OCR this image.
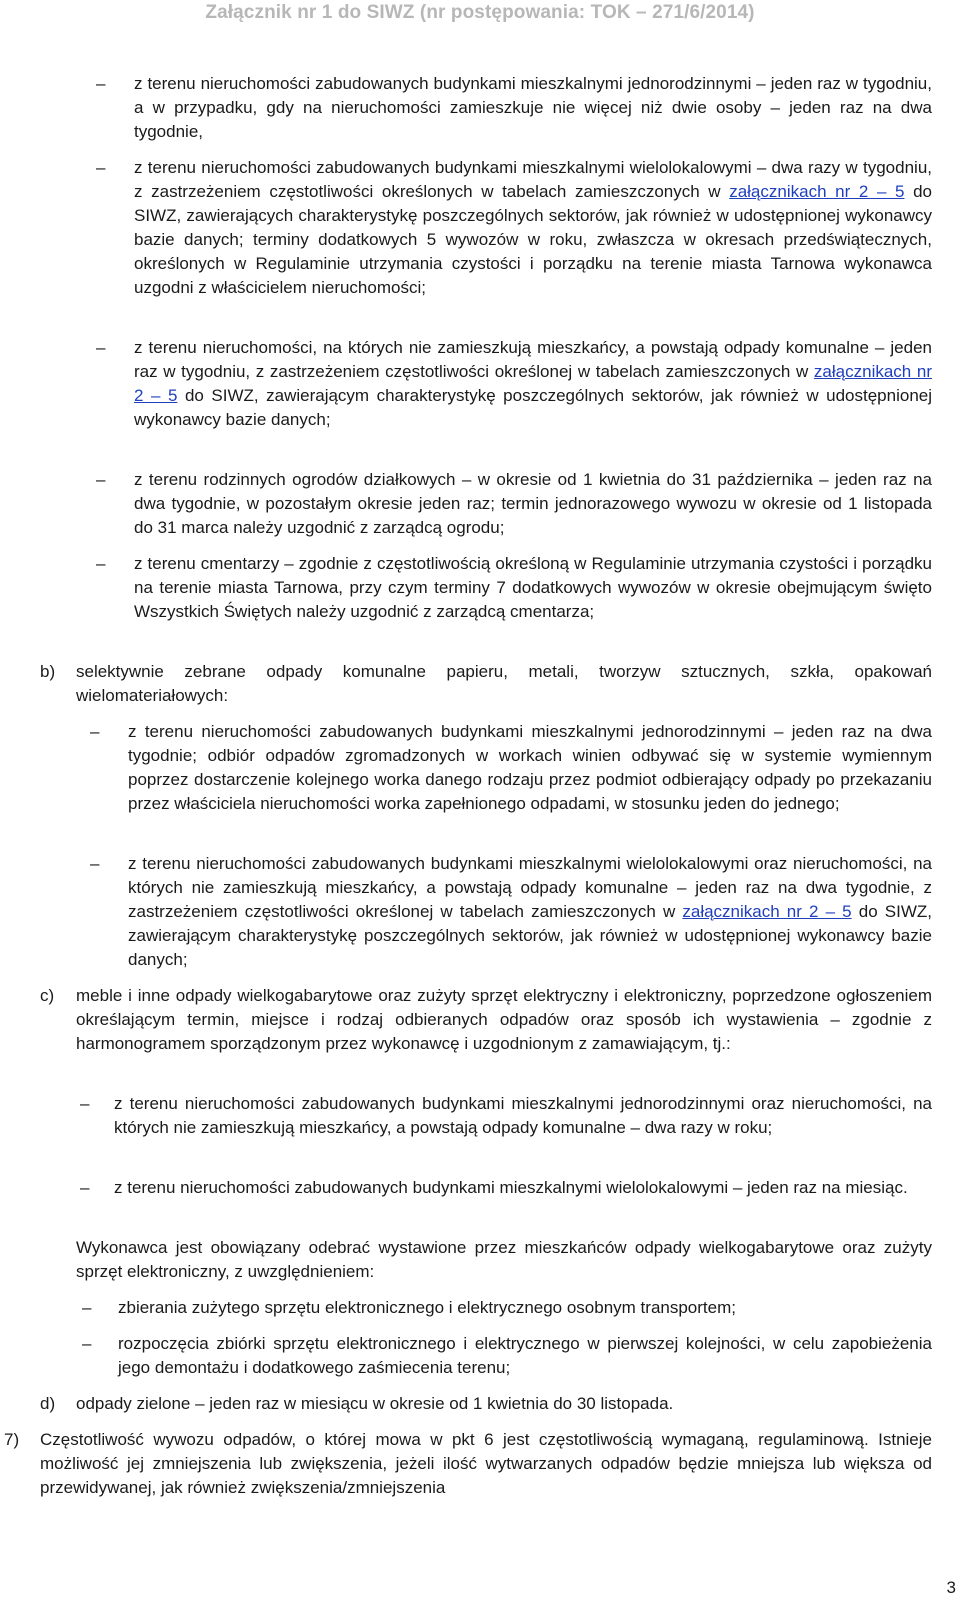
Załącznik nr 1 do SIWZ (nr postępowania: TOK – 271/6/2014)
– z terenu nieruchomości zabudowanych budynkami mieszkalnymi jednorodzinnymi – jeden raz w tygodniu, a w przypadku, gdy na nieruchomości zamieszkuje nie więcej niż dwie osoby – jeden raz na dwa tygodnie,
– z terenu nieruchomości zabudowanych budynkami mieszkalnymi wielolokalowymi – dwa razy w tygodniu, z zastrzeżeniem częstotliwości określonych w tabelach zamieszczonych w załącznikach nr 2 – 5 do SIWZ, zawierających charakterystykę poszczególnych sektorów, jak również w udostępnionej wykonawcy bazie danych; terminy dodatkowych 5 wywozów w roku, zwłaszcza w okresach przedświątecznych, określonych w Regulaminie utrzymania czystości i porządku na terenie miasta Tarnowa wykonawca uzgodni z właścicielem nieruchomości;
– z terenu nieruchomości, na których nie zamieszkują mieszkańcy, a powstają odpady komunalne – jeden raz w tygodniu, z zastrzeżeniem częstotliwości określonej w tabelach zamieszczonych w załącznikach nr 2 – 5 do SIWZ, zawierającym charakterystykę poszczególnych sektorów, jak również w udostępnionej wykonawcy bazie danych;
– z terenu rodzinnych ogrodów działkowych – w okresie od 1 kwietnia do 31 października – jeden raz na dwa tygodnie, w pozostałym okresie jeden raz; termin jednorazowego wywozu w okresie od 1 listopada do 31 marca należy uzgodnić z zarządcą ogrodu;
– z terenu cmentarzy – zgodnie z częstotliwością określoną w Regulaminie utrzymania czystości i porządku na terenie miasta Tarnowa, przy czym terminy 7 dodatkowych wywozów w okresie obejmującym święto Wszystkich Świętych należy uzgodnić z zarządcą cmentarza;
b) selektywnie zebrane odpady komunalne papieru, metali, tworzyw sztucznych, szkła, opakowań wielomateriałowych:
– z terenu nieruchomości zabudowanych budynkami mieszkalnymi jednorodzinnymi – jeden raz na dwa tygodnie; odbiór odpadów zgromadzonych w workach winien odbywać się w systemie wymiennym poprzez dostarczenie kolejnego worka danego rodzaju przez podmiot odbierający odpady po przekazaniu przez właściciela nieruchomości worka zapełnionego odpadami, w stosunku jeden do jednego;
– z terenu nieruchomości zabudowanych budynkami mieszkalnymi wielolokalowymi oraz nieruchomości, na których nie zamieszkują mieszkańcy, a powstają odpady komunalne – jeden raz na dwa tygodnie, z zastrzeżeniem częstotliwości określonej w tabelach zamieszczonych w załącznikach nr 2 – 5 do SIWZ, zawierającym charakterystykę poszczególnych sektorów, jak również w udostępnionej wykonawcy bazie danych;
c) meble i inne odpady wielkogabarytowe oraz zużyty sprzęt elektryczny i elektroniczny, poprzedzone ogłoszeniem określającym termin, miejsce i rodzaj odbieranych odpadów oraz sposób ich wystawienia – zgodnie z harmonogramem sporządzonym przez wykonawcę i uzgodnionym z zamawiającym, tj.:
– z terenu nieruchomości zabudowanych budynkami mieszkalnymi jednorodzinnymi oraz nieruchomości, na których nie zamieszkują mieszkańcy, a powstają odpady komunalne – dwa razy w roku;
– z terenu nieruchomości zabudowanych budynkami mieszkalnymi wielolokalowymi – jeden raz na miesiąc.
Wykonawca jest obowiązany odebrać wystawione przez mieszkańców odpady wielkogabarytowe oraz zużyty sprzęt elektroniczny, z uwzględnieniem:
– zbierania zużytego sprzętu elektronicznego i elektrycznego osobnym transportem;
– rozpoczęcia zbiórki sprzętu elektronicznego i elektrycznego w pierwszej kolejności, w celu zapobieżenia jego demontażu i dodatkowego zaśmiecenia terenu;
d) odpady zielone – jeden raz w miesiącu w okresie od 1 kwietnia do 30 listopada.
7) Częstotliwość wywozu odpadów, o której mowa w pkt 6 jest częstotliwością wymaganą, regulaminową. Istnieje możliwość jej zmniejszenia lub zwiększenia, jeżeli ilość wytwarzanych odpadów będzie mniejsza lub większa od przewidywanej, jak również zwiększenia/zmniejszenia
3
